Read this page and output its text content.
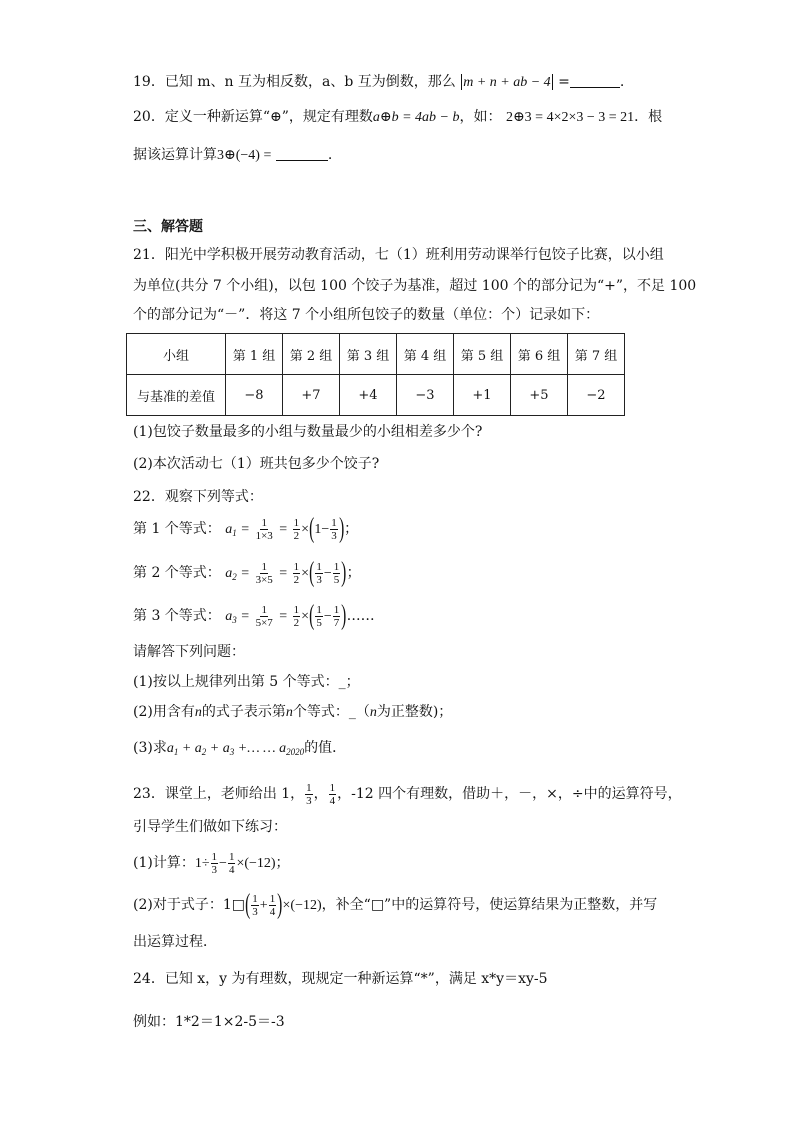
19．已知 m、n 互为相反数，a、b 互为倒数，那么 m + n + ab − 4 =	.
20．定义一种新运算“⊕”，规定有理数a⊕b = 4ab − b，如： 2⊕3 = 4×2×3 − 3 = 21．根
据该运算计算3⊕(−4) =	.
三、解答题
21．阳光中学积极开展劳动教育活动，七（1）班利用劳动课举行包饺子比赛，以小组
为单位(共分 7 个小组)，以包 100 个饺子为基准，超过 100 个的部分记为“+”，不足 100
个的部分记为“－”．将这 7 个小组所包饺子的数量（单位：个）记录如下：
小组	第 1 组	第 2 组	第 3 组	第 4 组	第 5 组	第 6 组	第 7 组
与基准的差值	−8	+7	+4	−3	+1	+5	−2
(1)包饺子数量最多的小组与数量最少的小组相差多少个?
(2)本次活动七（1）班共包多少个饺子?
22．观察下列等式：
第 1 个等式： $a_1 = \frac{1}{1\times 3} = \frac{1}{2} \times(1- \frac{1}{3}$ )；
第 2 个等式： $a_2 = \frac{1}{3\times 5} = \frac{1}{2}$ ×( $\frac{1}{3} - \frac{1}{5}$ )；
第 3 个等式： $a_3 = \frac{1}{5\times 7} = \frac{1}{2}$ ×( $\frac{1}{5} - \frac{1}{7}$ )……
请解答下列问题：
(1)按以上规律列出第 5 个等式：_；
(2)用含有n的式子表示第n个等式：_（n为正整数)；
(3)求$a_1 + a_2 + a_3$ +… … $a_{2020}$的值．
23．课堂上，老师给出 1， $\frac{1}{3}$ ， $\frac{1}{4}$ ，-12 四个有理数，借助＋，－，×，÷中的运算符号，
引导学生们做如下练习：
(1)计算：$1\div \frac{1}{3} - \frac{1}{4} \times(-12)$；
(2)对于式子：1□( $\frac{1}{3} + \frac{1}{4} )\times(-12)$，补全“□”中的运算符号，使运算结果为正整数，并写
出运算过程．
24．已知 x，y 为有理数，现规定一种新运算“*”，满足 x*y＝xy-5
例如：1*2＝1×2-5＝-3
